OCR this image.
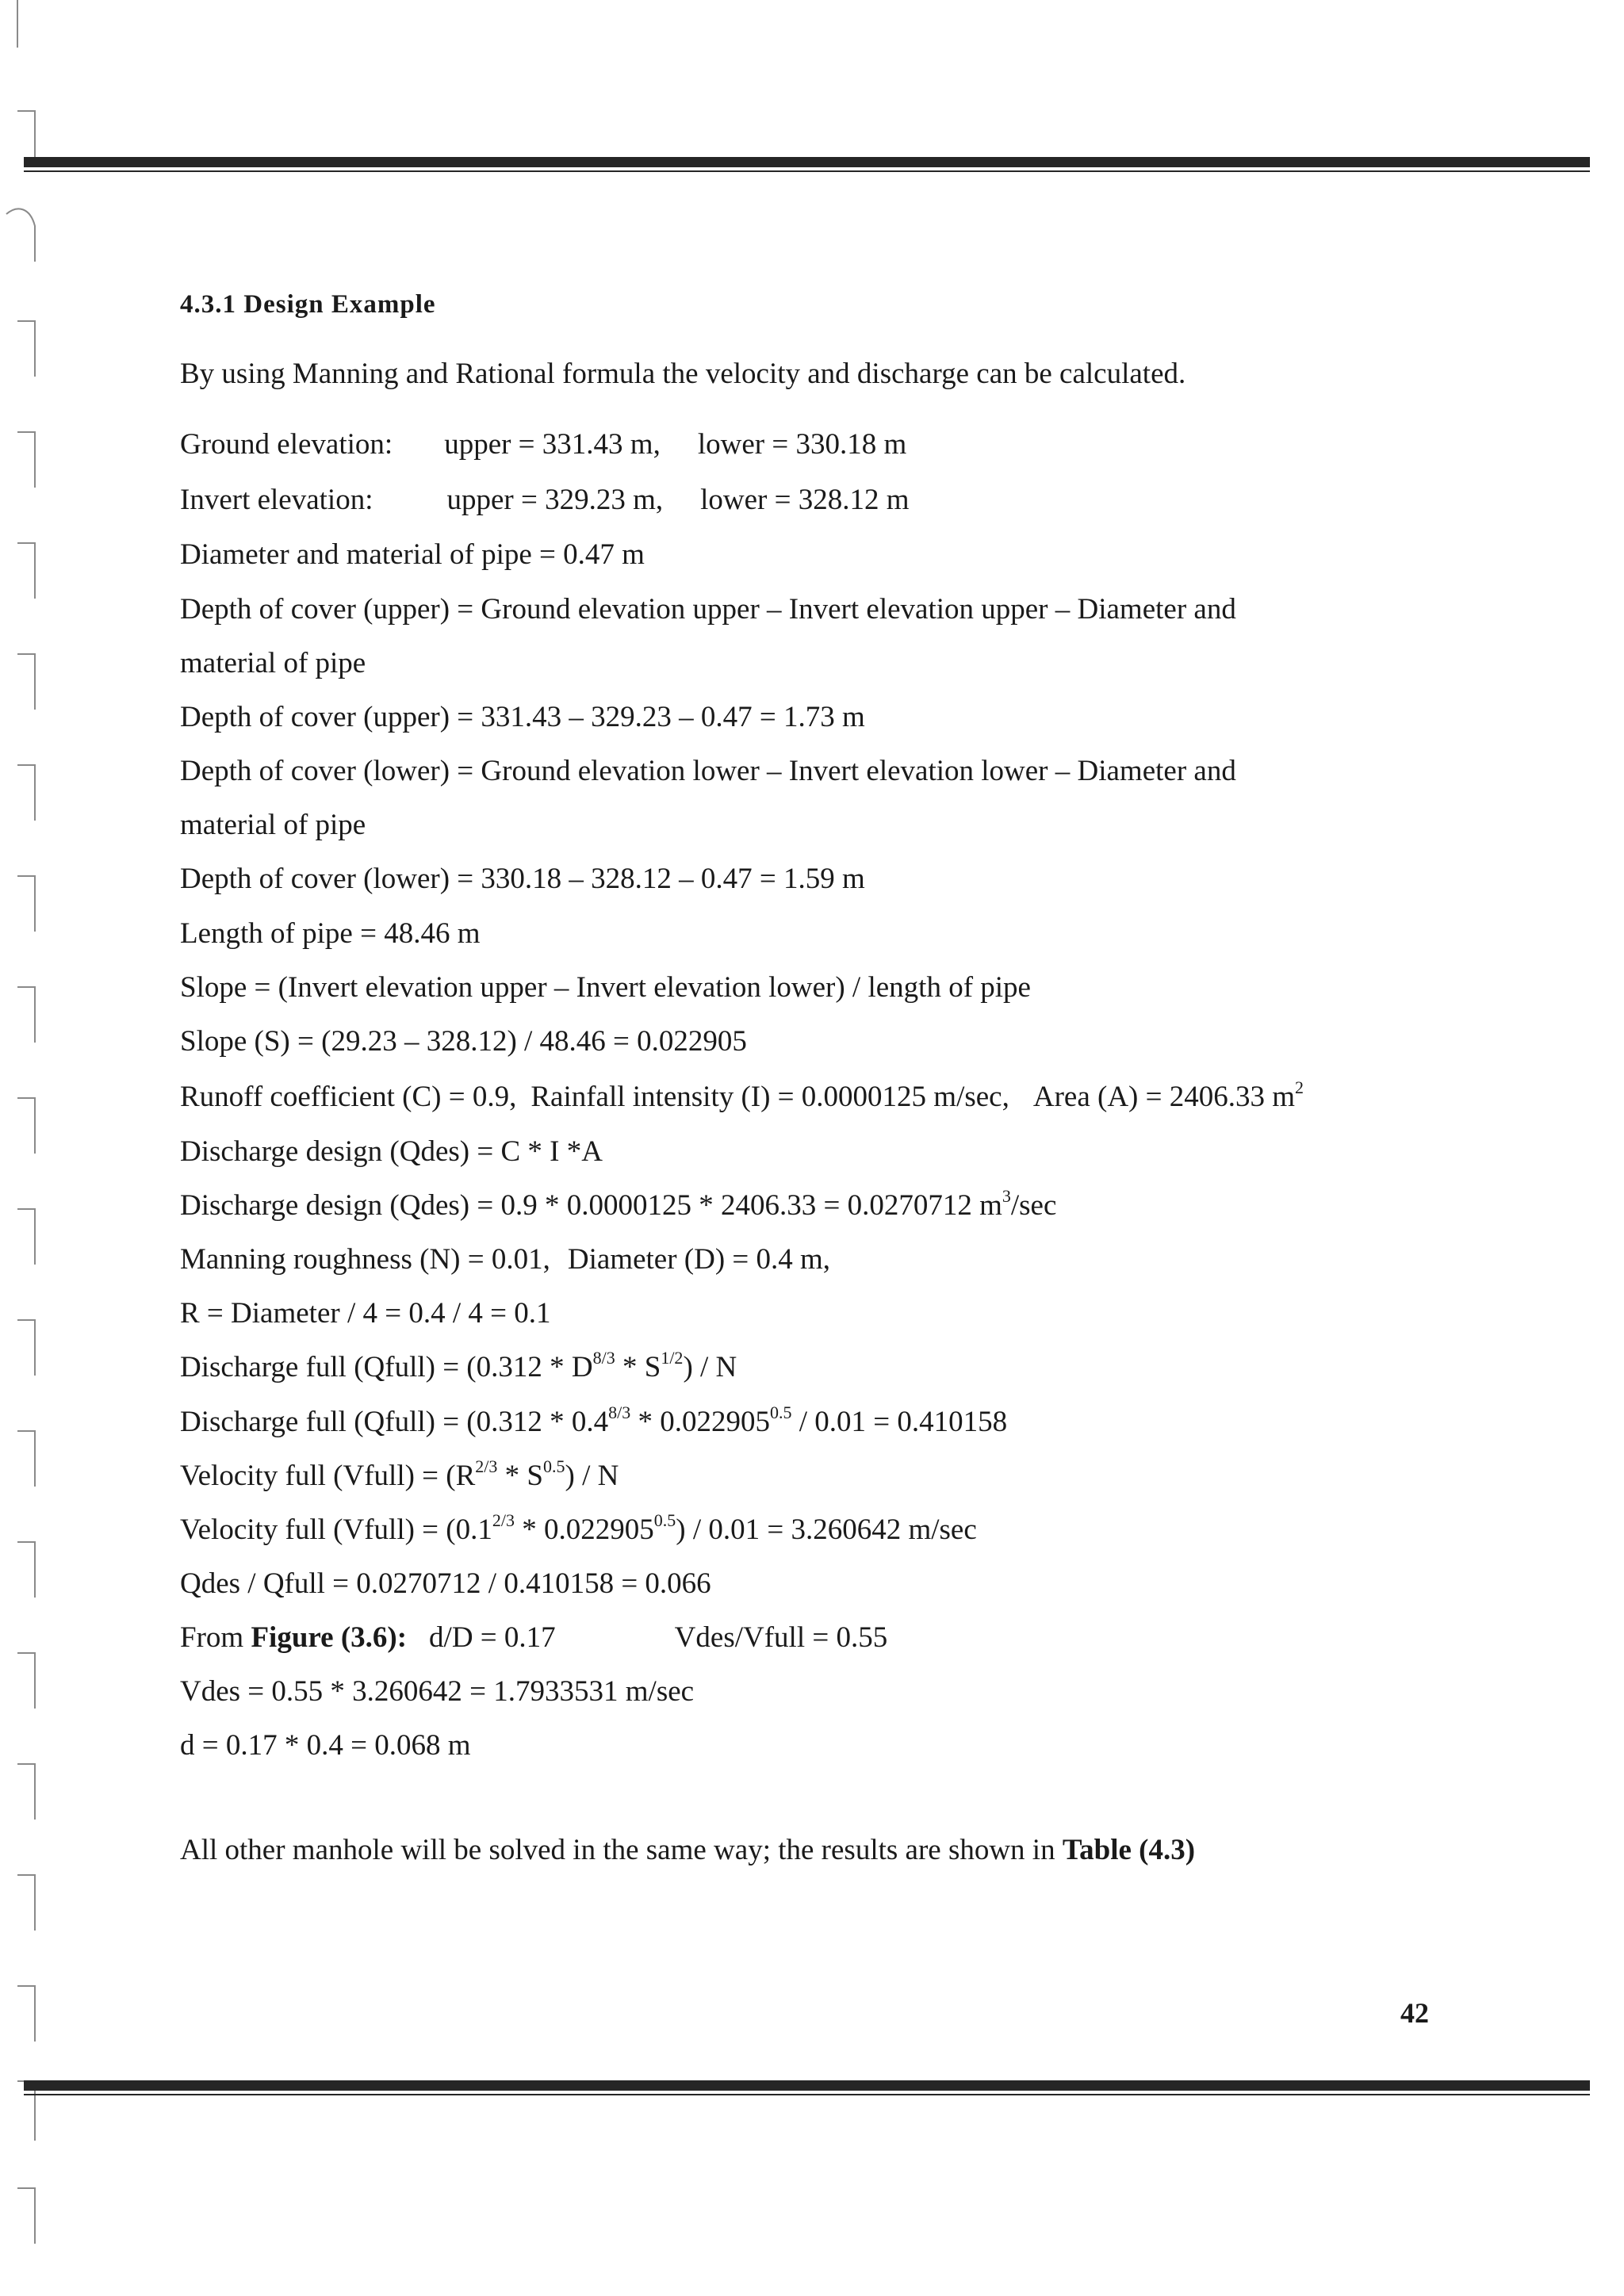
4.3.1 Design Example
By using Manning and Rational formula the velocity and discharge can be calculated.
Ground elevation: upper = 331.43 m, lower = 330.18 m
Invert elevation:	upper = 329.23 m, lower = 328.12 m
Diameter and material of pipe = 0.47 m
Depth of cover (upper) = Ground elevation upper – Invert elevation upper – Diameter and
material of pipe
Depth of cover (upper) = 331.43 – 329.23 – 0.47 = 1.73 m
Depth of cover (lower) = Ground elevation lower – Invert elevation lower – Diameter and
material of pipe
Depth of cover (lower) = 330.18 – 328.12 – 0.47 = 1.59 m
Length of pipe = 48.46 m
Slope = (Invert elevation upper – Invert elevation lower) / length of pipe
Slope (S) = (29.23 – 328.12) / 48.46 = 0.022905
Runoff coefficient (C) = 0.9, Rainfall intensity (I) = 0.0000125 m/sec, Area (A) = 2406.33 $m^2$
Discharge design (Qdes) = C * I *A
Discharge design (Qdes) = 0.9 * 0.0000125 * 2406.33 = 0.0270712 $m^3/\sec$
Manning roughness (N) = 0.01, Diameter (D) = 0.4 m,
R = Diameter / 4 = 0.4 / 4 = 0.1
Discharge full (Qfull) = $(0.312 * D^{8/3} * S^{1/2})$ / N
Discharge full (Qfull) = ($0.312 * 0.4^{8/3} * 0.022905^{0.5} / 0.01 = 0.410158$
Velocity full (Vfull) = $(R^{2/3} * S^{0.5})$ / N
Velocity full (Vfull) = $(0.1^{2/3} * 0.022905^{0.5}) / 0.01 = 3.260642$ m/sec
Qdes / Qfull = 0.0270712 / 0.410158 = 0.066
From Figure (3.6): d/D = 0.17	Vdes/Vfull = 0.55
Vdes = 0.55 * 3.260642 = 1.7933531 m/sec
d = 0.17 * 0.4 = 0.068 m
All other manhole will be solved in the same way; the results are shown in Table (4.3)
42
